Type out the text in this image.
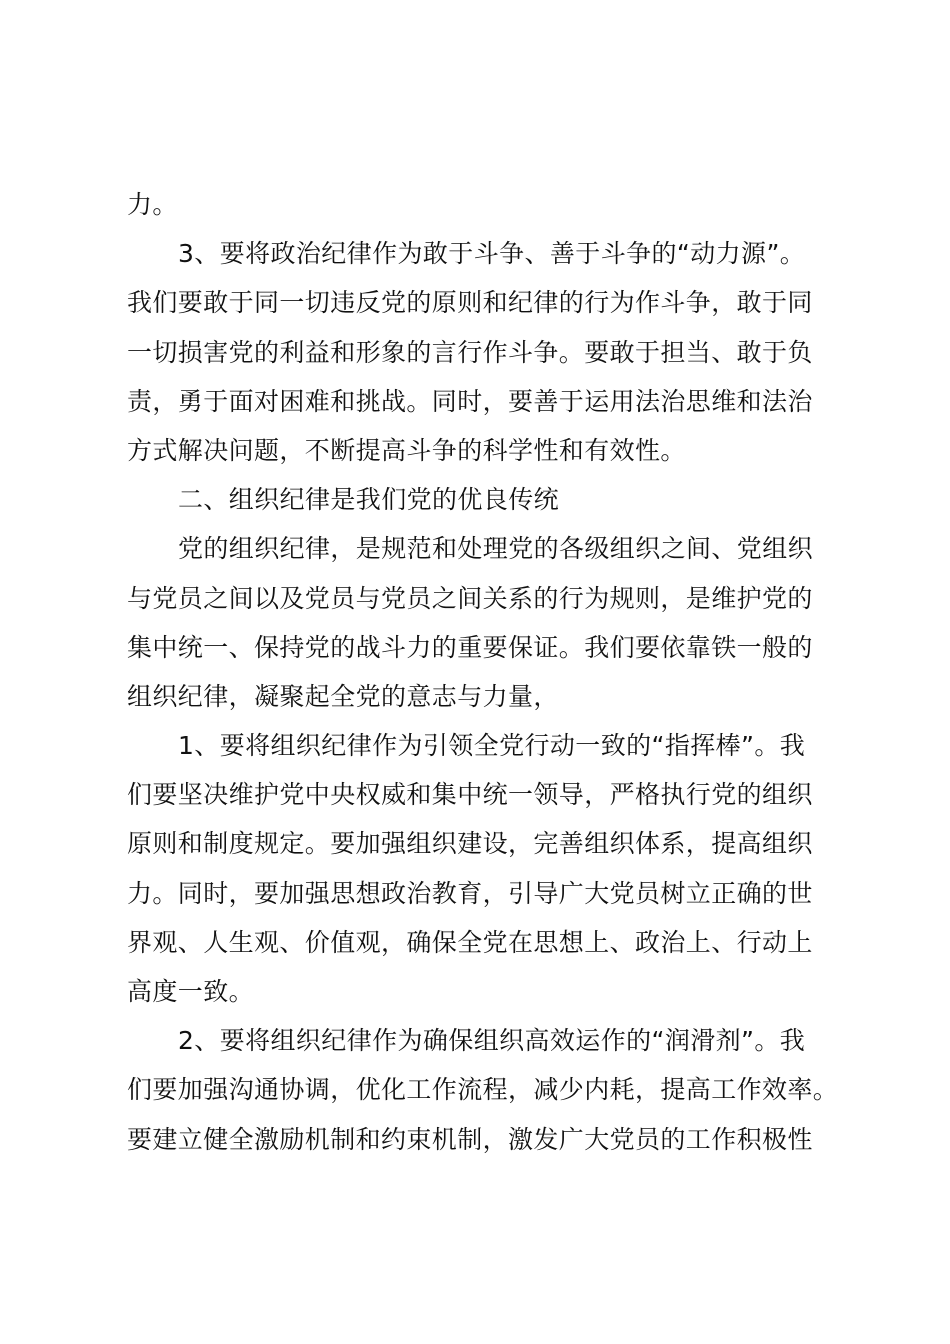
力。
3、要将政治纪律作为敢于斗争、善于斗争的“动力源”。
我们要敢于同一切违反党的原则和纪律的行为作斗争，敢于同
一切损害党的利益和形象的言行作斗争。要敢于担当、敢于负
责，勇于面对困难和挑战。同时，要善于运用法治思维和法治
方式解决问题，不断提高斗争的科学性和有效性。
二、组织纪律是我们党的优良传统
党的组织纪律，是规范和处理党的各级组织之间、党组织
与党员之间以及党员与党员之间关系的行为规则，是维护党的
集中统一、保持党的战斗力的重要保证。我们要依靠铁一般的
组织纪律，凝聚起全党的意志与力量，
1、要将组织纪律作为引领全党行动一致的“指挥棒”。我
们要坚决维护党中央权威和集中统一领导，严格执行党的组织
原则和制度规定。要加强组织建设，完善组织体系，提高组织
力。同时，要加强思想政治教育，引导广大党员树立正确的世
界观、人生观、价值观，确保全党在思想上、政治上、行动上
高度一致。
2、要将组织纪律作为确保组织高效运作的“润滑剂”。我
们要加强沟通协调，优化工作流程，减少内耗，提高工作效率。
要建立健全激励机制和约束机制，激发广大党员的工作积极性
